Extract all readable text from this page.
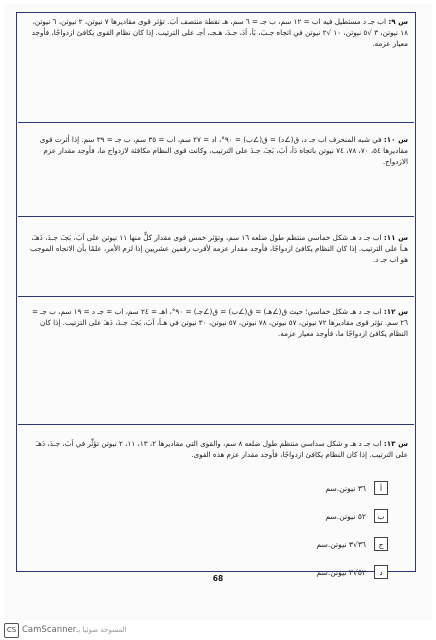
س ٩: اب جـ د مستطيل فيه اب = ١٢ سم، ب جـ = ٦ سم، هـ نقطة منتصف اَبَ. تؤثر قوى مقاديرها ٧ نيوتن، ٢ نيوتن، ٦ نيوتن، ١٨ نيوتن، ٣ √٥ نيوتن، ١٠ √٢ نيوتن في اتجاه جـبَ، بَاَ، اَدَ، جـدَ، هـجـ، اَجـ على الترتيب. إذا كان نظام القوى يكافئ ازدواجًا، فأوجد معيار عزمه.
س ١٠: في شبه المنحرف اب جـ د، ق(∠د) = ق(∠ب) = ٩٠°، اد = ٢٧ سم، اب = ٣٥ سم، ب جـ = ٣٩ سم. إذا أثرت قوى مقاديرها ٥٤، ٧٠، ٧٨، ٧٤ نيوتن باتجاه دَاَ، اَبَ، بَجـَ، جـدَ على الترتيب، وكانت قوى النظام مكافئة لازدواج ما، فأوجد مقدار عزم الازدواج.
س ١١: اب جـ د هـ شكل خماسي منتظم طول ضلعه ١٦ سم، وتؤثر خمس قوى مقدار كلٍّ منها ١١ نيوتن على اَبَ، بَجـَ، جـدَ، دَهـَ، هـاَ على الترتيب. إذا كان النظام يكافئ ازدواجًا، فأوجد مقدار عزمه لأقرب رقمين عشريين إذا لزم الأمر، علمًا بأن الاتجاه الموجب هو اب جـ د.
س ١٢: اب جـ د هـ شكل خماسي؛ حيث ق(∠هـ) = ق(∠ب) = ق(∠جـ) = ٩٠°، اهـ = ٢٤ سم، اب = جـ د = ١٩ سم، ب جـ = ٢٦ سم. تؤثر قوى مقاديرها ٧٢ نيوتن، ٥٧ نيوتن، ٧٨ نيوتن، ٥٧ نيوتن، ٣٠ نيوتن في هـاَ، اَبَ، بَجـَ، جـدَ، دَهـَ على الترتيب. إذا كان النظام يكافئ ازدواجًا ما، فأوجد معيار عزمه.
س ١٣: اب جـ د هـ و شكل سداسي منتظم طول ضلعه ٨ سم، والقوى التي مقاديرها ٢، ١٣، ١١، ٢ نيوتن تؤثِّر في اَبَ، جـدَ، دَهـَ على الترتيب. إذا كان النظام يكافئ ازدواجًا، فأوجد مقدار عزم هذه القوى.
أ
٣٦ نيوتن.سم
ب
٥٢ نيوتن.سم
ج
٣٦√٣ نيوتن.سم
د
٥٢√٣ نيوتن.سم
68
CS CamScanner المسوحة ضوئيا بـ
